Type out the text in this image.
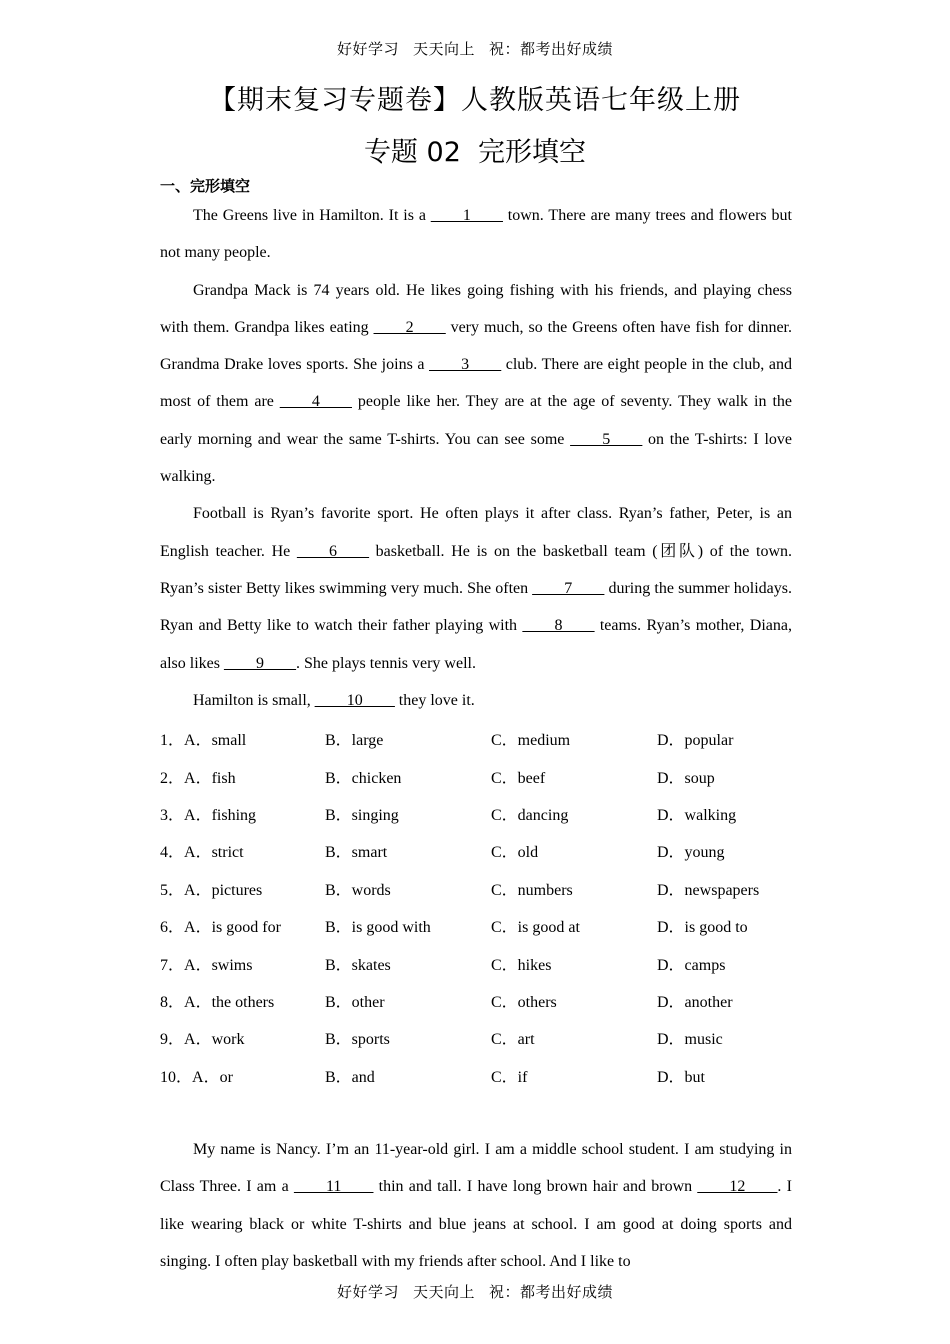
好好学习 天天向上 祝：都考出好成绩
【期末复习专题卷】人教版英语七年级上册
专题 02  完形填空
一、完形填空

The Greens live in Hamilton. It is a ____1____ town. There are many trees and flowers but not many people.

Grandpa Mack is 74 years old. He likes going fishing with his friends, and playing chess with them. Grandpa likes eating ____2____ very much, so the Greens often have fish for dinner. Grandma Drake loves sports. She joins a ____3____ club. There are eight people in the club, and most of them are ____4____ people like her. They are at the age of seventy. They walk in the early morning and wear the same T-shirts. You can see some ____5____ on the T-shirts: I love walking.

Football is Ryan’s favorite sport. He often plays it after class. Ryan’s father, Peter, is an English teacher. He ____6____ basketball. He is on the basketball team (团队) of the town. Ryan’s sister Betty likes swimming very much. She often ____7____ during the summer holidays. Ryan and Betty like to watch their father playing with ____8____ teams. Ryan’s mother, Diana, also likes ____9____. She plays tennis very well.

Hamilton is small, ____10____ they love it.

1．A．small	B．large	C．medium	D．popular
2．A．fish	B．chicken	C．beef	D．soup
3．A．fishing	B．singing	C．dancing	D．walking
4．A．strict	B．smart	C．old	D．young
5．A．pictures	B．words	C．numbers	D．newspapers
6．A．is good for	B．is good with	C．is good at	D．is good to
7．A．swims	B．skates	C．hikes	D．camps
8．A．the others	B．other	C．others	D．another
9．A．work	B．sports	C．art	D．music
10．A．or	B．and	C．if	D．but

My name is Nancy. I’m an 11-year-old girl. I am a middle school student. I am studying in Class Three. I am a ____11____ thin and tall. I have long brown hair and brown ____12____. I like wearing black or white T-shirts and blue jeans at school. I am good at doing sports and singing. I often play basketball with my friends after school. And I like to

好好学习 天天向上 祝：都考出好成绩
